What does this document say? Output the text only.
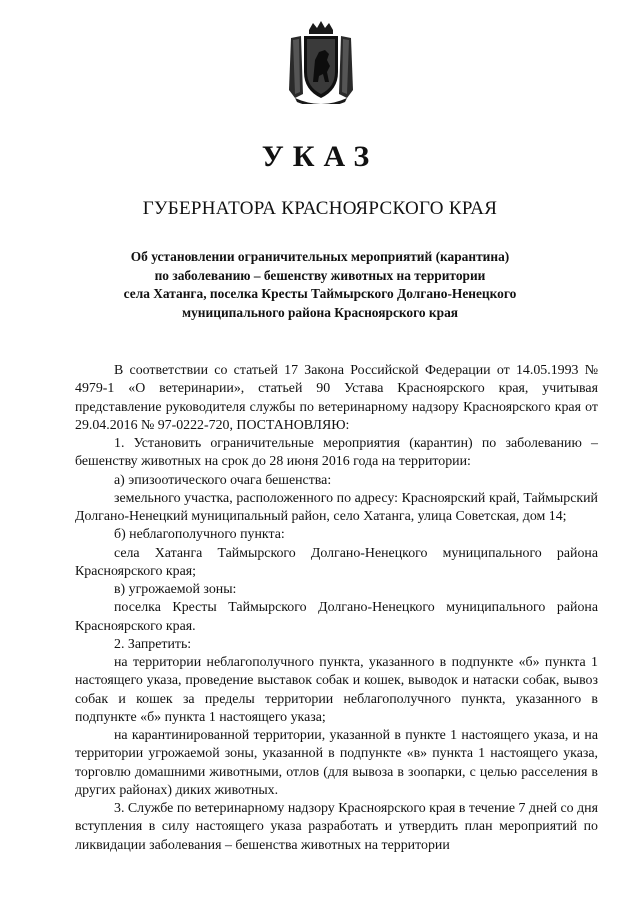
УКАЗ
ГУБЕРНАТОРА КРАСНОЯРСКОГО КРАЯ
Об установлении ограничительных мероприятий (карантина)
по заболеванию – бешенству животных на территории
села Хатанга, поселка Кресты Таймырского Долгано-Ненецкого
муниципального района Красноярского края

В соответствии со статьей 17 Закона Российской Федерации от 14.05.1993 № 4979-1 «О ветеринарии», статьей 90 Устава Красноярского края, учитывая представление руководителя службы по ветеринарному надзору Красноярского края от 29.04.2016 № 97-0222-720, ПОСТАНОВЛЯЮ:

1. Установить ограничительные мероприятия (карантин) по заболеванию – бешенству животных на срок до 28 июня 2016 года на территории:

а) эпизоотического очага бешенства:

земельного участка, расположенного по адресу: Красноярский край, Таймырский Долгано-Ненецкий муниципальный район, село Хатанга, улица Советская, дом 14;

б) неблагополучного пункта:

села Хатанга Таймырского Долгано-Ненецкого муниципального района Красноярского края;

в) угрожаемой зоны:

поселка Кресты Таймырского Долгано-Ненецкого муниципального района Красноярского края.

2. Запретить:

на территории неблагополучного пункта, указанного в подпункте «б» пункта 1 настоящего указа, проведение выставок собак и кошек, выводок и натаски собак, вывоз собак и кошек за пределы территории неблагополучного пункта, указанного в подпункте «б» пункта 1 настоящего указа;

на карантинированной территории, указанной в пункте 1 настоящего указа, и на территории угрожаемой зоны, указанной в подпункте «в» пункта 1 настоящего указа, торговлю домашними животными, отлов (для вывоза в зоопарки, с целью расселения в других районах) диких животных.

3. Службе по ветеринарному надзору Красноярского края в течение 7 дней со дня вступления в силу настоящего указа разработать и утвердить план мероприятий по ликвидации заболевания – бешенства животных на территории
